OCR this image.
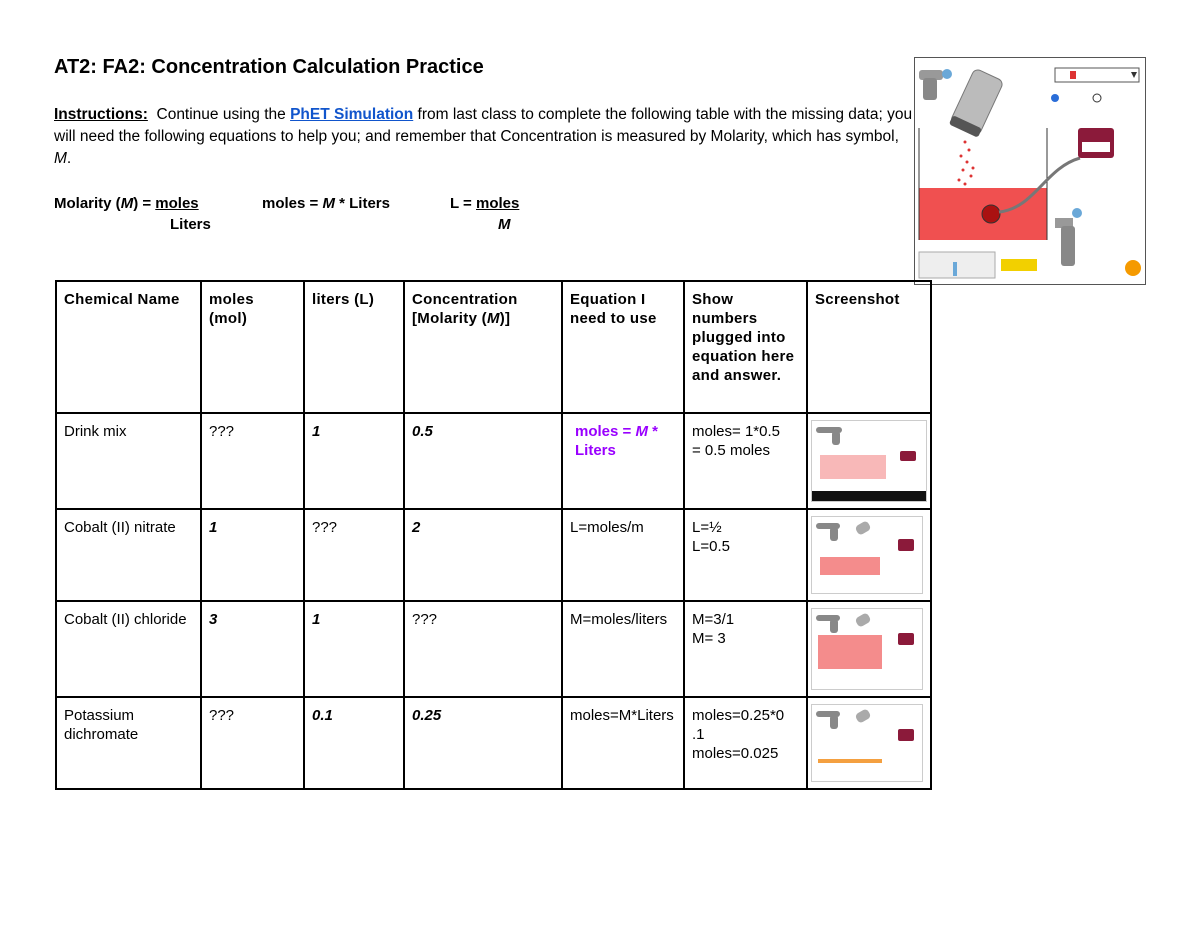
AT2: FA2: Concentration Calculation Practice
Instructions: Continue using the PhET Simulation from last class to complete the following table with the missing data; you will need the following equations to help you; and remember that Concentration is measured by Molarity, which has symbol, M.
Molarity (M) = moles
Liters
moles = M * Liters	L = moles
M
Chemical Name	moles (mol)	liters (L)	Concentration [Molarity (M)]	Equation I need to use	Show numbers plugged into equation here and answer.	Screenshot
Drink mix	???	1	0.5	moles = M * Liters	moles= 1*0.5
= 0.5 moles	

Cobalt (II) nitrate	1	???	2	L=moles/m	L=½
L=0.5	

Cobalt (II) chloride	3	1	???	M=moles/liters	M=3/1
M= 3	

Potassium dichromate	???	0.1	0.25	moles=M*Liters	moles=0.25*0
.1
moles=0.025	
